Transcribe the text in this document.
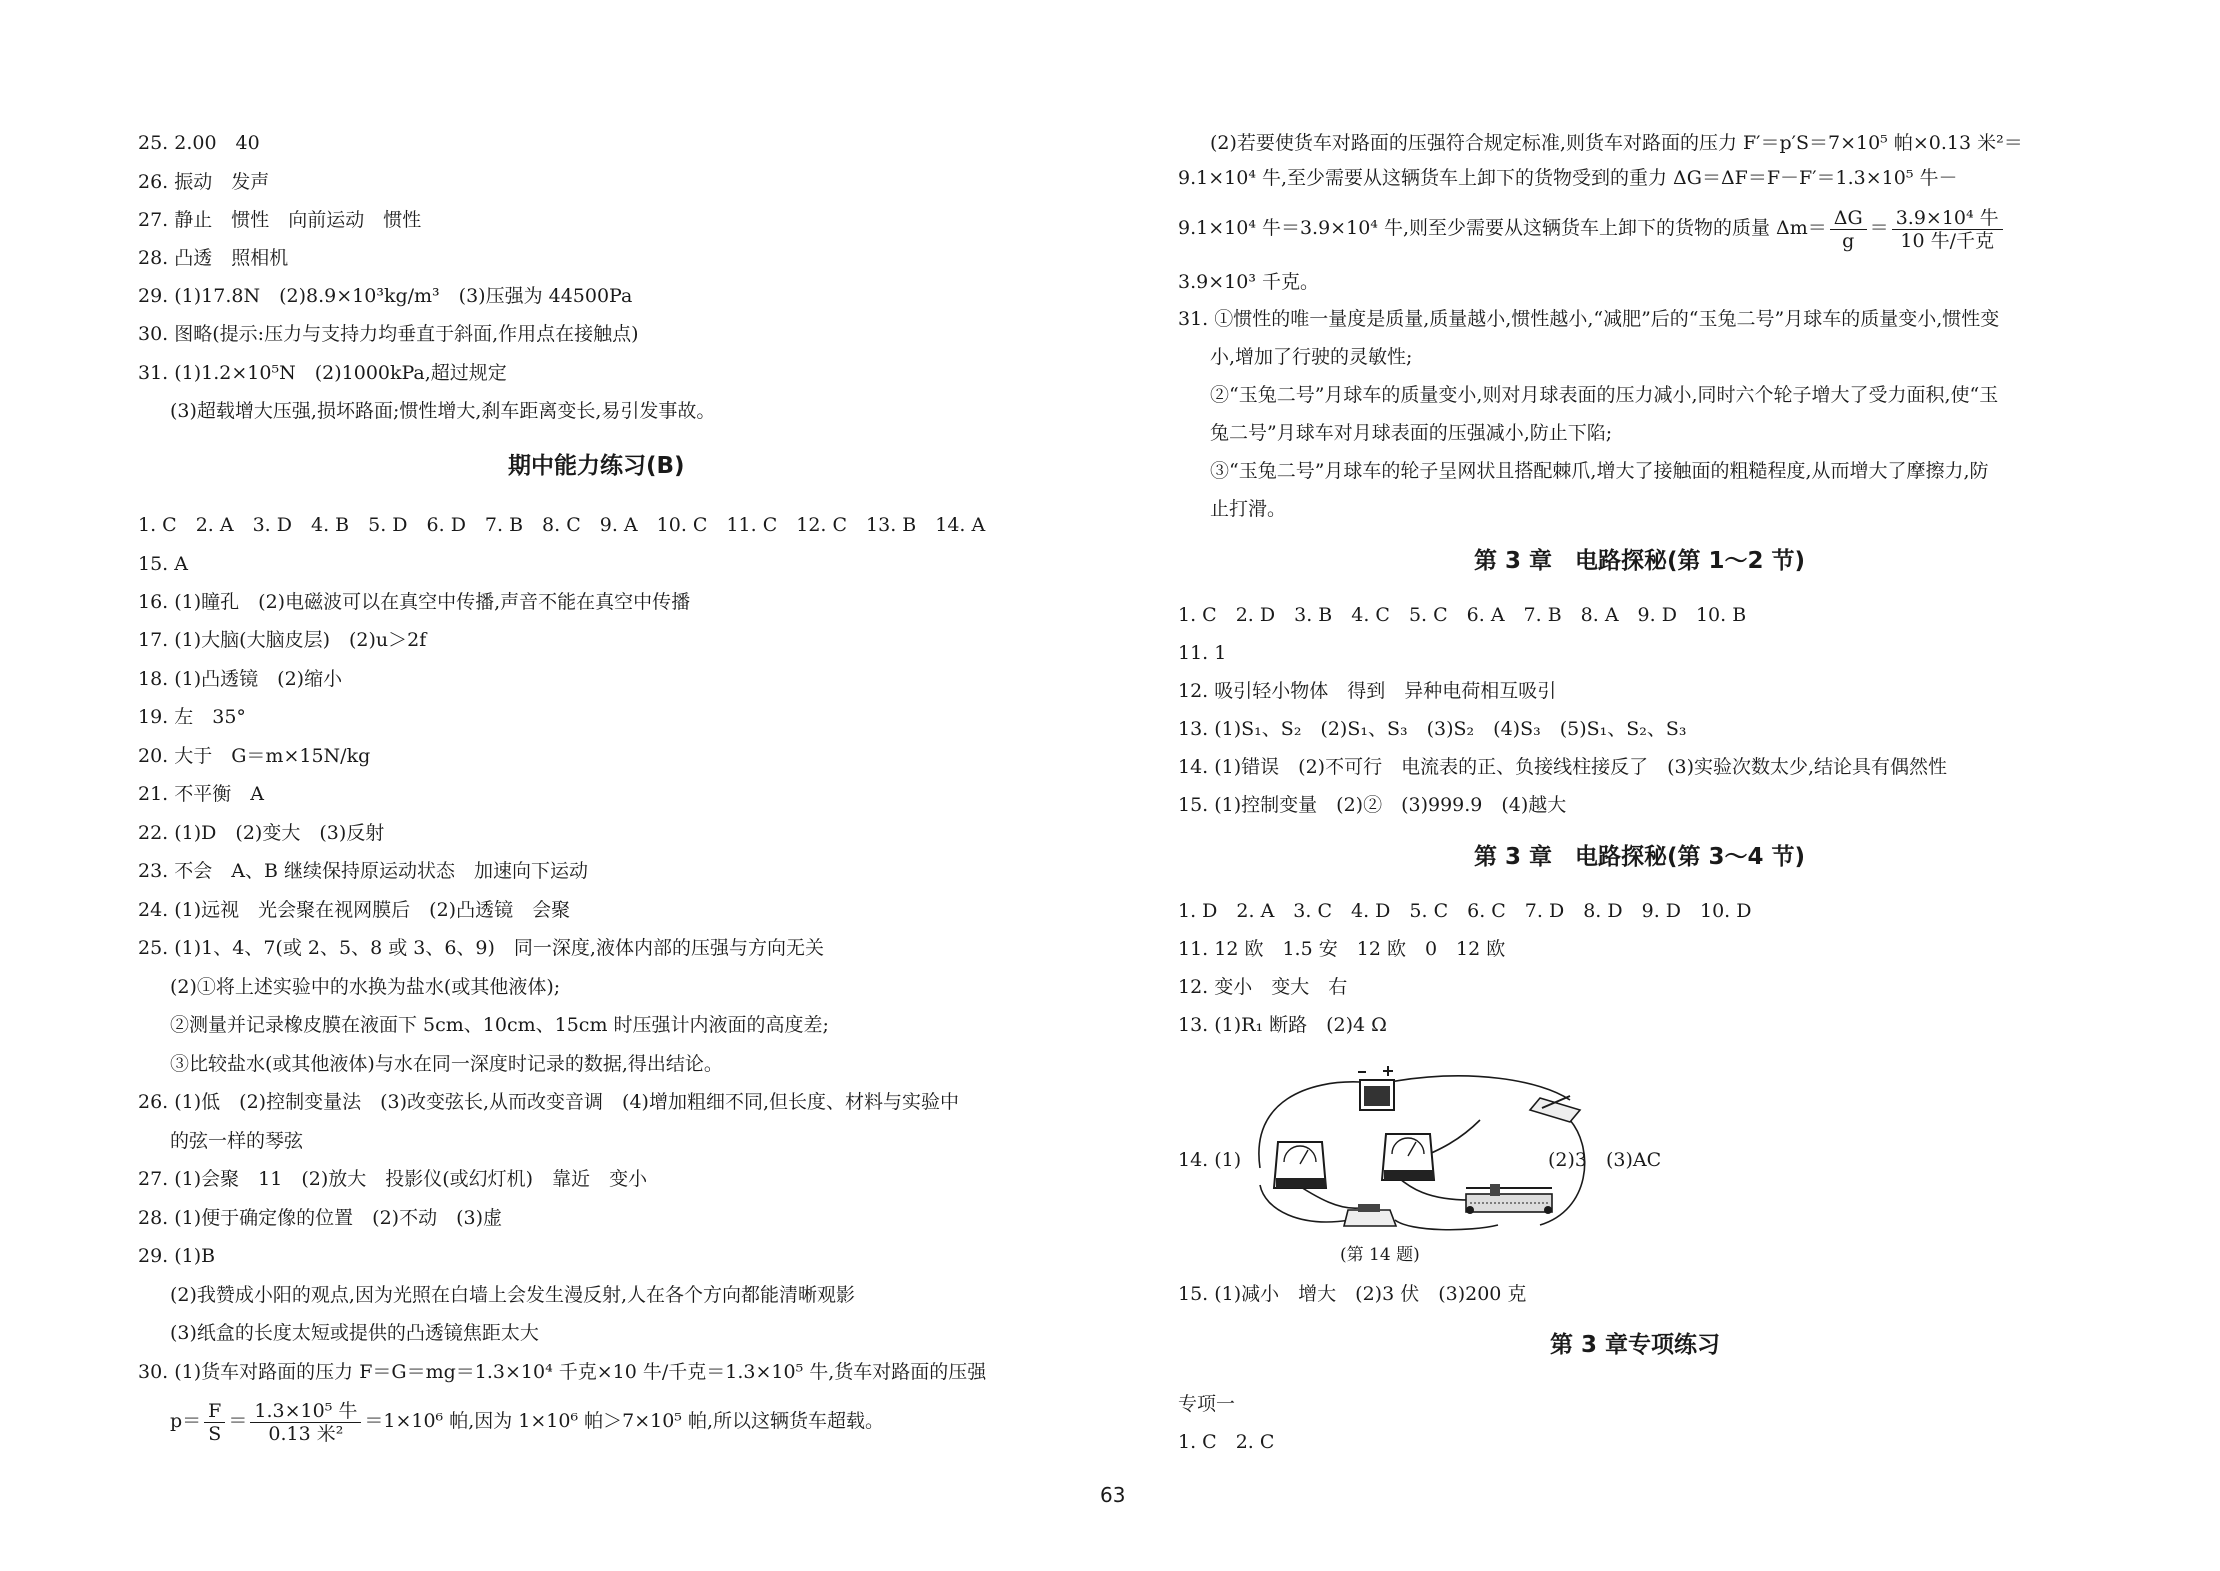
25. 2.00　40
26. 振动　发声
27. 静止　惯性　向前运动　惯性
28. 凸透　照相机
29. (1)17.8N　(2)8.9×10³kg/m³　(3)压强为 44500Pa
30. 图略(提示:压力与支持力均垂直于斜面,作用点在接触点)
31. (1)1.2×10⁵N　(2)1000kPa,超过规定
(3)超载增大压强,损坏路面;惯性增大,刹车距离变长,易引发事故。
期中能力练习(B)
1. C　2. A　3. D　4. B　5. D　6. D　7. B　8. C　9. A　10. C　11. C　12. C　13. B　14. A
15. A
16. (1)瞳孔　(2)电磁波可以在真空中传播,声音不能在真空中传播
17. (1)大脑(大脑皮层)　(2)u＞2f
18. (1)凸透镜　(2)缩小
19. 左　35°
20. 大于　G＝m×15N/kg
21. 不平衡　A
22. (1)D　(2)变大　(3)反射
23. 不会　A、B 继续保持原运动状态　加速向下运动
24. (1)远视　光会聚在视网膜后　(2)凸透镜　会聚
25. (1)1、4、7(或 2、5、8 或 3、6、9)　同一深度,液体内部的压强与方向无关
(2)①将上述实验中的水换为盐水(或其他液体);
②测量并记录橡皮膜在液面下 5cm、10cm、15cm 时压强计内液面的高度差;
③比较盐水(或其他液体)与水在同一深度时记录的数据,得出结论。
26. (1)低　(2)控制变量法　(3)改变弦长,从而改变音调　(4)增加粗细不同,但长度、材料与实验中
的弦一样的琴弦
27. (1)会聚　11　(2)放大　投影仪(或幻灯机)　靠近　变小
28. (1)便于确定像的位置　(2)不动　(3)虚
29. (1)B
(2)我赞成小阳的观点,因为光照在白墙上会发生漫反射,人在各个方向都能清晰观影
(3)纸盒的长度太短或提供的凸透镜焦距太大
30. (1)货车对路面的压力 F＝G＝mg＝1.3×10⁴ 千克×10 牛/千克＝1.3×10⁵ 牛,货车对路面的压强
$p= \frac{F}{S} = \frac{\text{1.3×10⁵ 牛}}{\text{0.13 米²}} =1\times 10^6$ 帕,因为 1×10⁶ 帕＞7×10⁵ 帕,所以这辆货车超载。
(2)若要使货车对路面的压强符合规定标准,则货车对路面的压力 F′＝p′S＝7×10⁵ 帕×0.13 米²＝
9.1×10⁴ 牛,至少需要从这辆货车上卸下的货物受到的重力 ΔG＝ΔF＝F－F′＝1.3×10⁵ 牛－
9.1×10⁴ 牛＝3.9×10⁴ 牛,则至少需要从这辆货车上卸下的货物的质量 $\Delta m= \frac{\Delta G}{g} = \frac{\text{3.9×10⁴ 牛}}{\text{10 牛/千克}}$
3.9×10³ 千克。
31. ①惯性的唯一量度是质量,质量越小,惯性越小,“减肥”后的“玉兔二号”月球车的质量变小,惯性变
小,增加了行驶的灵敏性;
②“玉兔二号”月球车的质量变小,则对月球表面的压力减小,同时六个轮子增大了受力面积,使“玉
兔二号”月球车对月球表面的压强减小,防止下陷;
③“玉兔二号”月球车的轮子呈网状且搭配棘爪,增大了接触面的粗糙程度,从而增大了摩擦力,防
止打滑。
第 3 章　电路探秘(第 1～2 节)
1. C　2. D　3. B　4. C　5. C　6. A　7. B　8. A　9. D　10. B
11. 1
12. 吸引轻小物体　得到　异种电荷相互吸引
13. (1)S₁、S₂　(2)S₁、S₃　(3)S₂　(4)S₃　(5)S₁、S₂、S₃
14. (1)错误　(2)不可行　电流表的正、负接线柱接反了　(3)实验次数太少,结论具有偶然性
15. (1)控制变量　(2)②　(3)999.9　(4)越大
第 3 章　电路探秘(第 3～4 节)
1. D　2. A　3. C　4. D　5. C　6. C　7. D　8. D　9. D　10. D
11. 12 欧　1.5 安　12 欧　0　12 欧
12. 变小　变大　右
13. (1)R₁ 断路　(2)4 Ω
14. (1)	(2)3　(3)AC
(第 14 题)
15. (1)减小　增大　(2)3 伏　(3)200 克
第 3 章专项练习
专项一
1. C　2. C
63
